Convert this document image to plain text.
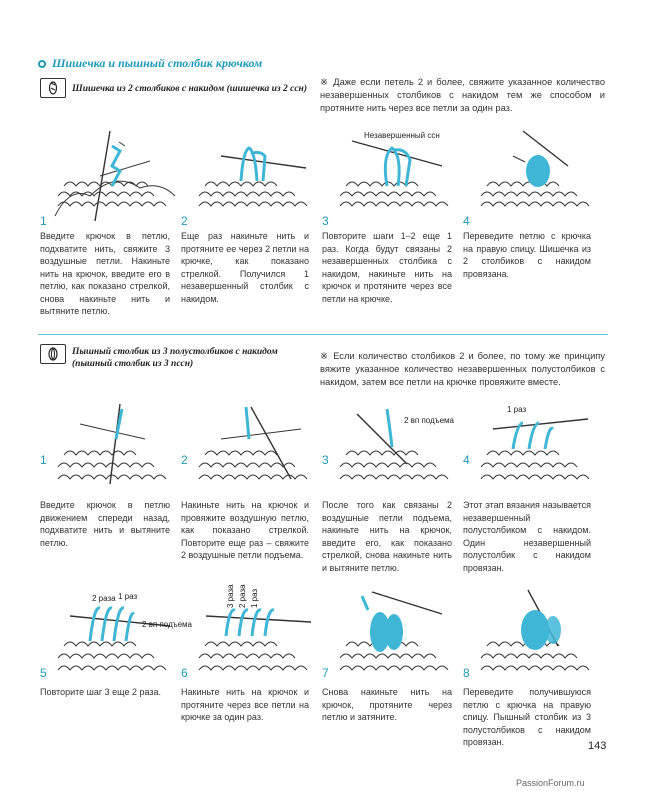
Шишечка и пышный столбик крючком
Шишечка из 2 столбиков с накидом (шишечка из 2 ссн)
※ Даже если петель 2 и более, свяжите указанное количество незавершенных столбиков с накидом тем же способом и протяните нить через все петли за один раз.
Незавершенный ссн
1
Введите крючок в петлю, подхватите нить, свяжите 3 воздушные петли. Накиньте нить на крючок, введите его в петлю, как показано стрелкой, снова накиньте нить и вытяните петлю.
2
Еще раз накиньте нить и протяните ее через 2 петли на крючке, как показано стрелкой. Получился 1 незавершенный столбик с накидом.
3
Повторите шаги 1–2 еще 1 раз. Когда будут связаны 2 незавершенных столбика с накидом, накиньте нить на крючок и протяните через все петли на крючке.
4
Переведите петлю с крючка на правую спицу. Шишечка из 2 столбиков с накидом провязана.
Пышный столбик из 3 полустолбиков с накидом
(пышный столбик из 3 пссн)
※ Если количество столбиков 2 и более, по тому же принципу вяжите указанное количество незавершенных полустолбиков с накидом, затем все петли на крючке провяжите вместе.
1
Введите крючок в петлю движением спереди назад, подхватите нить и вытяните петлю.
2
Накиньте нить на крючок и провяжите воздушную петлю, как показано стрелкой. Повторите еще раз – свяжите 2 воздушные петли подъема.
3
После того как связаны 2 воздушные петли подъема, накиньте нить на крючок, введите его, как показано стрелкой, снова накиньте нить и вытяните петлю.
2 вп подъема
4
Этот этап вязания называется незавершенный полустолбиком с накидом. Один незавершенный полустолбик с накидом провязан.
1 раз
5
Повторите шаг 3 еще 2 раза.
2 раза 1 раз
2 вп подъема
6
Накиньте нить на крючок и протяните через все петли на крючке за один раз.
3 раза 2 раза 1 раз
7
Снова накиньте нить на крючок, протяните через петлю и затяните.
8
Переведите получившуюся петлю с крючка на правую спицу. Пышный столбик из 3 полустолбиков с накидом провязан.	143
PassionForum.ru
